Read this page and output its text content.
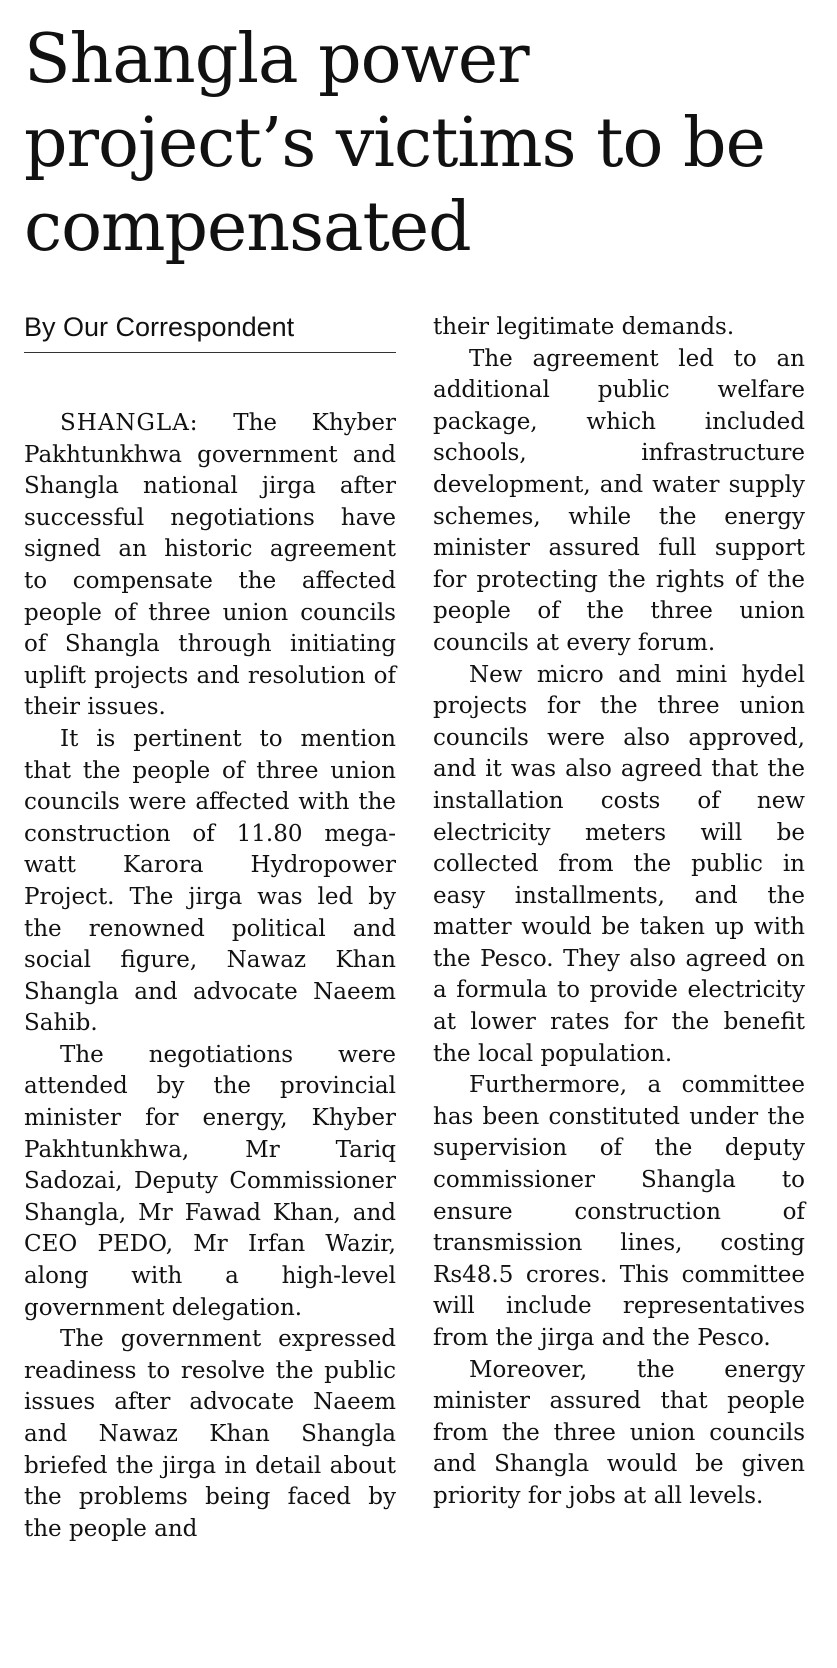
Shangla power project’s victims to be compensated
By Our Correspondent

SHANGLA: The Khyber Pakhtunkhwa government and Shangla national jirga after successful negotiations have signed an historic agreement to compensate the affected people of three union councils of Shangla through initiating uplift projects and resolution of their issues.

It is pertinent to mention that the people of three union councils were affected with the construction of 11.80 megawatt Karora Hydropower Project. The jirga was led by the renowned political and social figure, Nawaz Khan Shangla and advocate Naeem Sahib.

The negotiations were attended by the provincial minister for energy, Khyber Pakhtunkhwa, Mr Tariq Sadozai, Deputy Commissioner Shangla, Mr Fawad Khan, and CEO PEDO, Mr Irfan Wazir, along with a high-level government delegation.

The government expressed readiness to resolve the public issues after advocate Naeem and Nawaz Khan Shangla briefed the jirga in detail about the problems being faced by the people and

their legitimate demands.

The agreement led to an additional public welfare package, which included schools, infrastructure development, and water supply schemes, while the energy minister assured full support for protecting the rights of the people of the three union councils at every forum.

New micro and mini hydel projects for the three union councils were also approved, and it was also agreed that the installation costs of new electricity meters will be collected from the public in easy installments, and the matter would be taken up with the Pesco. They also agreed on a formula to provide electricity at lower rates for the benefit the local population.

Furthermore, a committee has been constituted under the supervision of the deputy commissioner Shangla to ensure construction of transmission lines, costing Rs48.5 crores. This committee will include representatives from the jirga and the Pesco.

Moreover, the energy minister assured that people from the three union councils and Shangla would be given priority for jobs at all levels.
